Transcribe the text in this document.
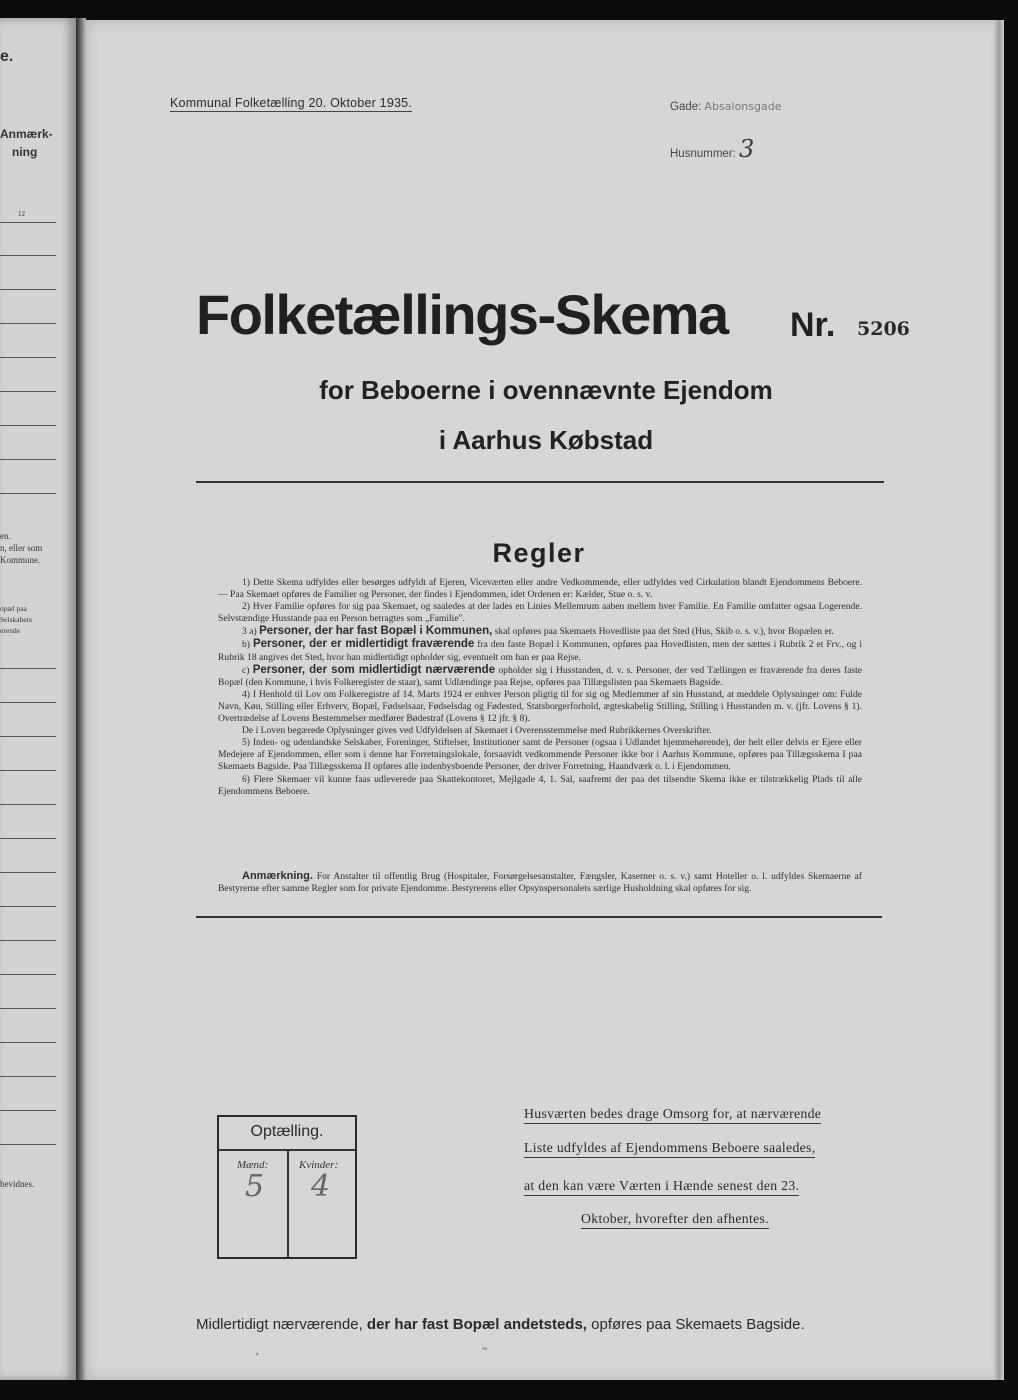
e.
Anmærk-
ning
12
en.
n, eller som
Kommune.
opæl paa
Selskabers
erende
bevidnes.
Kommunal Folketælling 20. Oktober 1935.	Gade: Absalonsgade
Husnummer: 3
Folketællings-Skema Nr. 5206
for Beboerne i ovennævnte Ejendom
i Aarhus Købstad
Regler

1) Dette Skema udfyldes eller besørges udfyldt af Ejeren, Viceværten eller andre Vedkommende, eller udfyldes ved Cirkulation blandt Ejendommens Beboere. — Paa Skemaet opføres de Familier og Personer, der findes i Ejendommen, idet Ordenen er: Kælder, Stue o. s. v.

2) Hver Familie opføres for sig paa Skemaet, og saaledes at der lades en Linies Mellemrum aaben mellem hver Familie. En Familie omfatter ogsaa Logerende. Selvstændige Husstande paa en Person betragtes som „Familie".

3 a) Personer, der har fast Bopæl i Kommunen, skal opføres paa Skemaets Hovedliste paa det Sted (Hus, Skib o. s. v.), hvor Bopælen er.

b) Personer, der er midlertidigt fraværende fra den faste Bopæl i Kommunen, opføres paa Hovedlisten, men der sættes i Rubrik 2 et Frv., og i Rubrik 18 angives det Sted, hvor han midlertidigt opholder sig, eventuelt om han er paa Rejse.

c) Personer, der som midlertidigt nærværende opholder sig i Husstanden, d. v. s. Personer, der ved Tællingen er fraværende fra deres faste Bopæl (den Kommune, i hvis Folkeregister de staar), samt Udlændinge paa Rejse, opføres paa Tillægslisten paa Skemaets Bagside.

4) I Henhold til Lov om Folkeregistre af 14. Marts 1924 er enhver Person pligtig til for sig og Medlemmer af sin Husstand, at meddele Oplysninger om: Fulde Navn, Køn, Stilling eller Erhverv, Bopæl, Fødselsaar, Fødselsdag og Fødested, Statsborgerforhold, ægteskabelig Stilling, Stilling i Husstanden m. v. (jfr. Lovens § 1). Overtrædelse af Lovens Bestemmelser medfører Bødestraf (Lovens § 12 jfr. § 8).

De i Loven begærede Oplysninger gives ved Udfyldelsen af Skemaet i Overensstemmelse med Rubrikkernes Overskrifter.

5) Inden- og udenlandske Selskaber, Foreninger, Stiftelser, Institutioner samt de Personer (ogsaa i Udlandet hjemmehørende), der helt eller delvis er Ejere eller Medejere af Ejendommen, eller som i denne har Forretningslokale, forsaavidt vedkommende Personer ikke bor i Aarhus Kommune, opføres paa Tillægsskema I paa Skemaets Bagside. Paa Tillægsskema II opføres alle indenbysboende Personer, der driver Forretning, Haandværk o. l. i Ejendommen.

6) Flere Skemaer vil kunne faas udleverede paa Skattekontoret, Mejlgade 4, 1. Sal, saafremt der paa det tilsendte Skema ikke er tilstrækkelig Plads til alle Ejendommens Beboere.

Anmærkning. For Anstalter til offentlig Brug (Hospitaler, Forsørgelsesanstalter, Fængsler, Kaserner o. s. v.) samt Hoteller o. l. udfyldes Skemaerne af Bestyrerne efter samme Regler som for private Ejendomme. Bestyrerens eller Opsynspersonalets særlige Husholdning skal opføres for sig.

Optælling.
Mænd:	Kvinder:
5 4
Husværten bedes drage Omsorg for, at nærværende
Liste udfyldes af Ejendommens Beboere saaledes,
at den kan være Værten i Hænde senest den 23.
Oktober, hvorefter den afhentes.
Midlertidigt nærværende, der har fast Bopæl andetsteds, opføres paa Skemaets Bagside.
,	~
